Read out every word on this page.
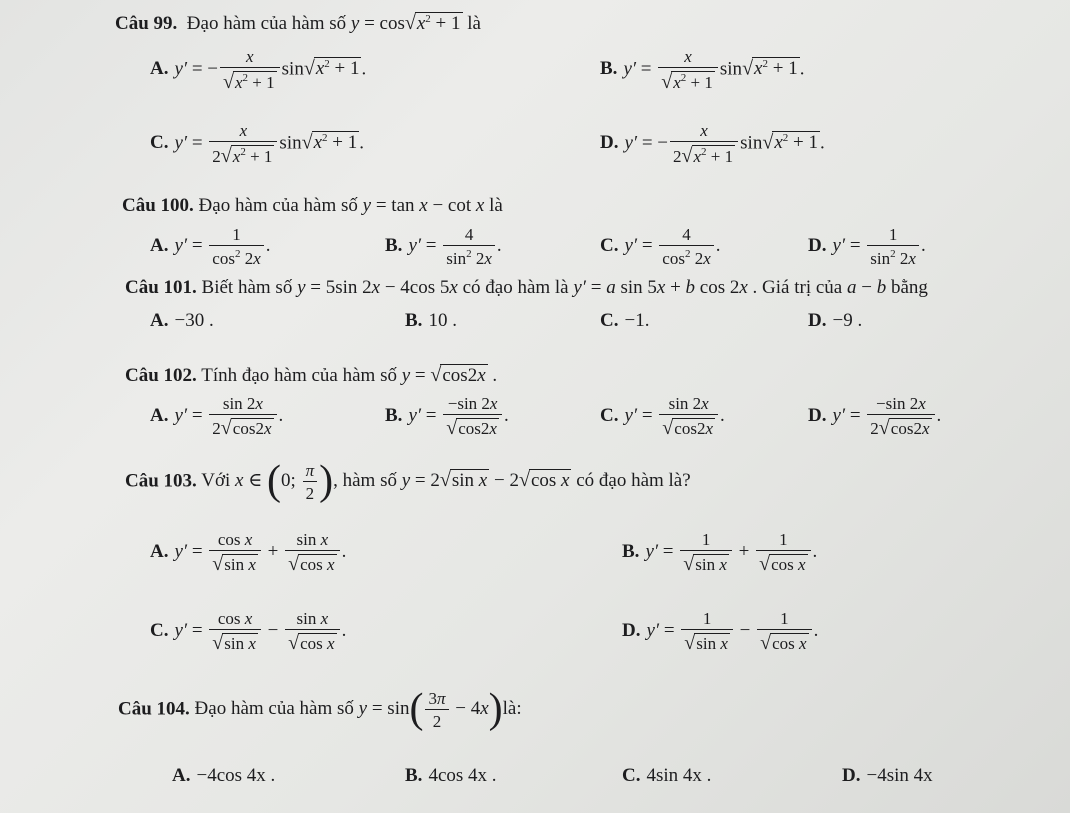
Câu 99. Đạo hàm của hàm số $y = \cos√x^2 + 1$ là
A. y′ = − $\frac{x}{√x^2 + 1} \sin√x^2 + 1$ .	B. $y' = \frac{x}{√x^2 + 1} \sin√x^2 + 1$ .
C. $y' = \frac{x}{2√x^2 + 1} \sin√x^2 + 1$ .	D. y′ = − $\frac{x}{2√x^2 + 1} \sin√x^2 + 1$ .
Câu 100. Đạo hàm của hàm số y = tan x − cot x là
A. $y' = \frac{1}{\cos^2 2x}$ .	B. $y' = \frac{4}{\sin^2 2x}$ .	C. $y' = \frac{4}{\cos^2 2x}$ .	D. $y' = \frac{1}{\sin^2 2x}$ .
Câu 101. Biết hàm số y = 5sin 2x − 4cos 5x có đạo hàm là y′ = a sin 5x + b cos 2x . Giá trị của a − b bằng
A. −30 .	B. 10 .	C. −1.	D. −9 .
Câu 102. Tính đạo hàm của hàm số y = √cos2x .
A. $y' = \frac{\sin 2x}{2√\cos 2x}$ .	B. $y' = \frac{-\sin 2x}{√\cos 2x}$ .	C. $y' = \frac{\sin 2x}{√\cos 2x}$ .	D. $y' = \frac{-\sin 2x}{2√\cos 2x}$ .
Câu 103. Với x ∈ (0; $\frac{\pi}{2}$ ), hàm số y = 2√sin x − 2√cos x có đạo hàm là?
A. $y' = \frac{\text{cos x}}{\text{√sin x}} + \frac{\text{sin x}}{\text{√cos x}}$ .	B. $y' = \frac{1}{\text{√sin x}} + \frac{1}{\text{√cos x}}$ .
C. $y' = \frac{\text{cos x}}{\text{√sin x}} - \frac{\text{sin x}}{\text{√cos x}}$ .	D. $y' = \frac{1}{\text{√sin x}} - \frac{1}{\text{√cos x}}$ .
Câu 104. Đạo hàm của hàm số $y = \sin( \frac{3\pi}{2}$ − 4x)là:
A. −4cos 4x .	B. 4cos 4x .	C. 4sin 4x .	D. −4sin 4x
